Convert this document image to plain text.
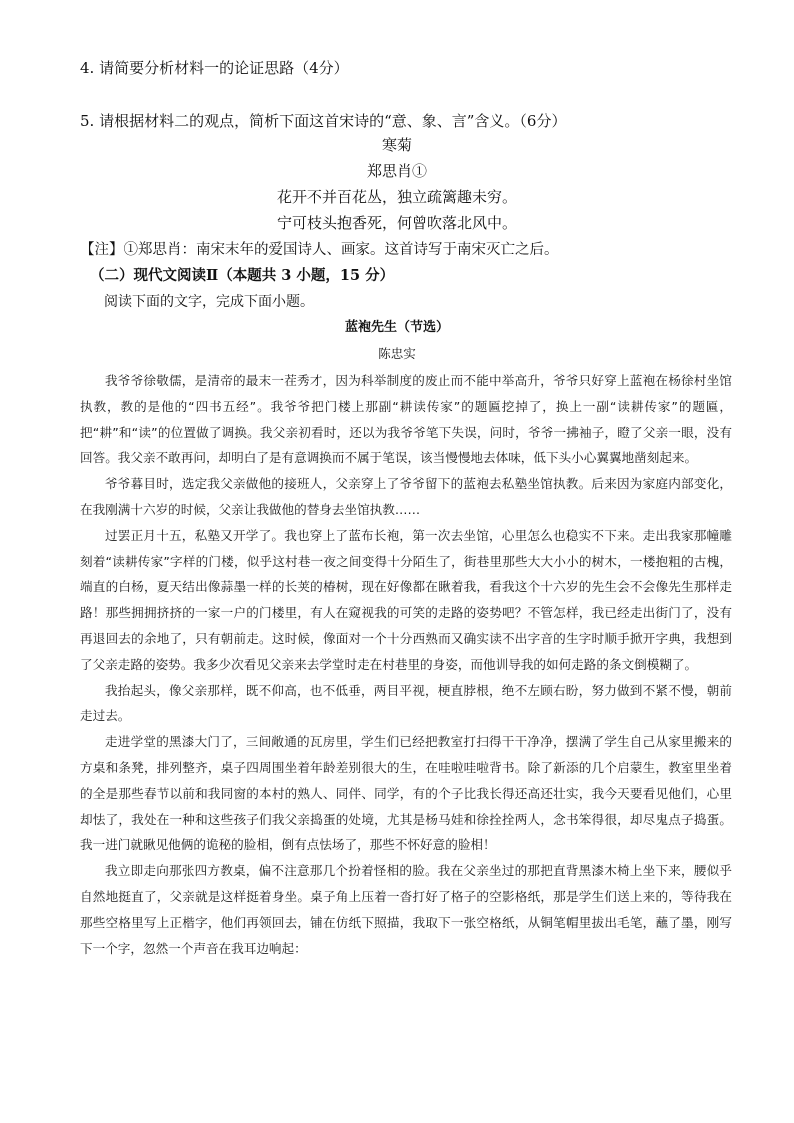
4. 请简要分析材料一的论证思路（4分）
5. 请根据材料二的观点，简析下面这首宋诗的“意、象、言”含义。（6分）
寒菊
郑思肖①
花开不并百花丛，独立疏篱趣未穷。
宁可枝头抱香死，何曾吹落北风中。
【注】①郑思肖：南宋末年的爱国诗人、画家。这首诗写于南宋灭亡之后。
（二）现代文阅读Ⅱ（本题共 3 小题，15 分）
阅读下面的文字，完成下面小题。
蓝袍先生（节选）
陈忠实

我爷爷徐敬儒，是清帝的最末一茬秀才，因为科举制度的废止而不能中举高升，爷爷只好穿上蓝袍在杨徐村坐馆执教，教的是他的“四书五经”。我爷爷把门楼上那副“耕读传家”的题匾挖掉了，换上一副“读耕传家”的题匾，把“耕”和“读”的位置做了调换。我父亲初看时，还以为我爷爷笔下失误，问时，爷爷一拂袖子，瞪了父亲一眼，没有回答。我父亲不敢再问，却明白了是有意调换而不属于笔误，该当慢慢地去体味，低下头小心翼翼地凿刻起来。

爷爷暮目时，选定我父亲做他的接班人，父亲穿上了爷爷留下的蓝袍去私塾坐馆执教。后来因为家庭内部变化，在我刚满十六岁的时候，父亲让我做他的替身去坐馆执教……

过罢正月十五，私塾又开学了。我也穿上了蓝布长袍，第一次去坐馆，心里怎么也稳实不下来。走出我家那幢雕刻着“读耕传家”字样的门楼，似乎这村巷一夜之间变得十分陌生了，街巷里那些大大小小的树木，一楼抱粗的古槐，端直的白杨，夏天结出像蒜墨一样的长荚的椿树，现在好像都在瞅着我，看我这个十六岁的先生会不会像先生那样走路！那些拥拥挤挤的一家一户的门楼里，有人在窥视我的可笑的走路的姿势吧？不管怎样，我已经走出街门了，没有再退回去的余地了，只有朝前走。这时候，像面对一个十分西熟而又确实读不出字音的生字时顺手掀开字典，我想到了父亲走路的姿势。我多少次看见父亲来去学堂时走在村巷里的身姿，而他训导我的如何走路的条文倒模糊了。

我抬起头，像父亲那样，既不仰高，也不低垂，两目平视，梗直脖根，绝不左顾右盼，努力做到不紧不慢，朝前走过去。

走进学堂的黑漆大门了，三间敞通的瓦房里，学生们已经把教室打扫得干干净净，摆满了学生自己从家里搬来的方桌和条凳，排列整齐，桌子四周围坐着年龄差别很大的生，在哇啦哇啦背书。除了新添的几个启蒙生，教室里坐着的全是那些春节以前和我同窗的本村的熟人、同伴、同学，有的个子比我长得还高还壮实，我今天要看见他们，心里却怯了，我处在一种和这些孩子们我父亲捣蛋的处境，尤其是杨马娃和徐拴拴两人，念书笨得很，却尽鬼点子捣蛋。我一进门就瞅见他俩的诡秘的脸相，倒有点怯场了，那些不怀好意的脸相！

我立即走向那张四方教桌，偏不注意那几个扮着怪相的脸。我在父亲坐过的那把直背黑漆木椅上坐下来，腰似乎自然地挺直了，父亲就是这样挺着身坐。桌子角上压着一沓打好了格子的空影格纸，那是学生们送上来的，等待我在那些空格里写上正楷字，他们再领回去，铺在仿纸下照描，我取下一张空格纸，从铜笔帽里拔出毛笔，蘸了墨，刚写下一个字，忽然一个声音在我耳边响起：
